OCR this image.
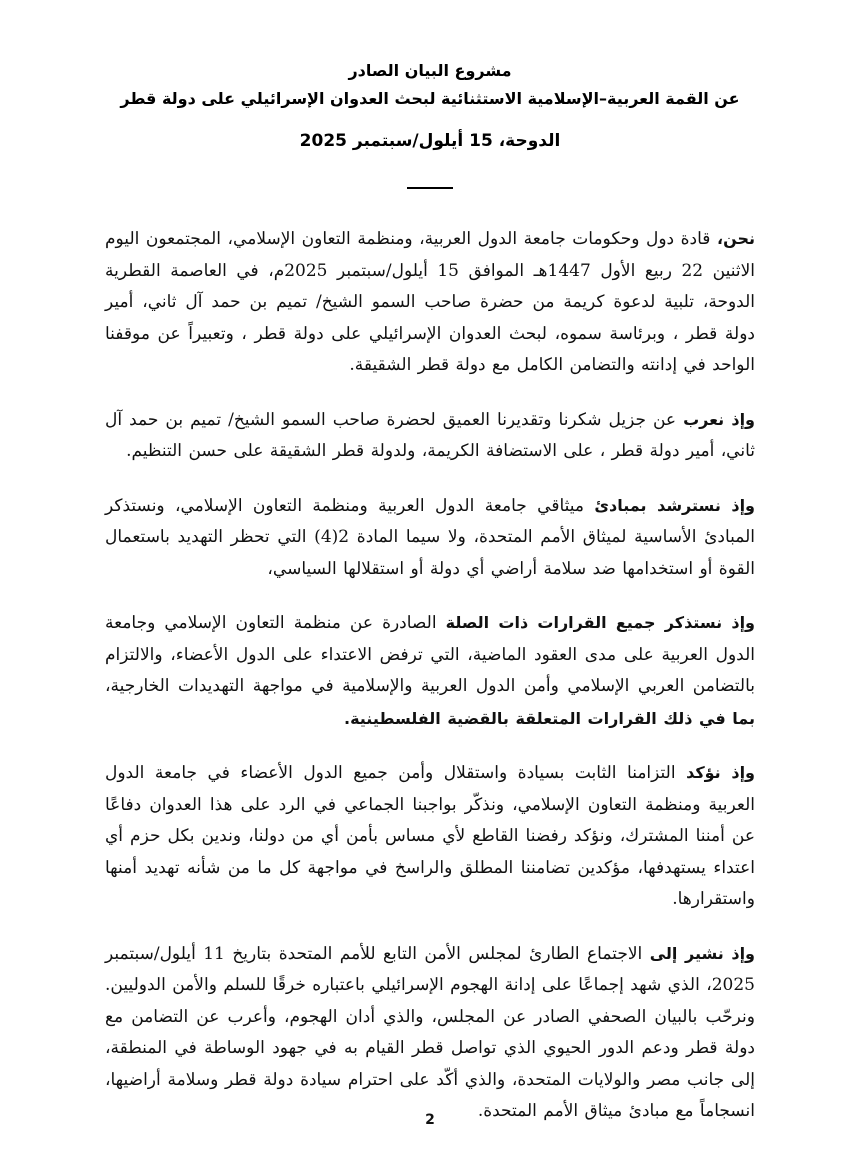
مشروع البيان الصادر

عن القمة العربية–الإسلامية الاستثنائية لبحث العدوان الإسرائيلي على دولة قطر

الدوحة، 15 أيلول/سبتمبر 2025

نحن، قادة دول وحكومات جامعة الدول العربية، ومنظمة التعاون الإسلامي، المجتمعون اليوم الاثنين 22 ربيع الأول 1447هـ الموافق 15 أيلول/سبتمبر 2025م، في العاصمة القطرية الدوحة، تلبية لدعوة كريمة من حضرة صاحب السمو الشيخ/ تميم بن حمد آل ثاني، أمير دولة قطر ، وبرئاسة سموه، لبحث العدوان الإسرائيلي على دولة قطر ، وتعبيراً عن موقفنا الواحد في إدانته والتضامن الكامل مع دولة قطر الشقيقة.

وإذ نعرب عن جزيل شكرنا وتقديرنا العميق لحضرة صاحب السمو الشيخ/ تميم بن حمد آل ثاني، أمير دولة قطر ، على الاستضافة الكريمة، ولدولة قطر الشقيقة على حسن التنظيم.

وإذ نسترشد بمبادئ ميثاقي جامعة الدول العربية ومنظمة التعاون الإسلامي، ونستذكر المبادئ الأساسية لميثاق الأمم المتحدة، ولا سيما المادة 2(4) التي تحظر التهديد باستعمال القوة أو استخدامها ضد سلامة أراضي أي دولة أو استقلالها السياسي،

وإذ نستذكر جميع القرارات ذات الصلة الصادرة عن منظمة التعاون الإسلامي وجامعة الدول العربية على مدى العقود الماضية، التي ترفض الاعتداء على الدول الأعضاء، والالتزام بالتضامن العربي الإسلامي وأمن الدول العربية والإسلامية في مواجهة التهديدات الخارجية، بما في ذلك القرارات المتعلقة بالقضية الفلسطينية.

وإذ نؤكد التزامنا الثابت بسيادة واستقلال وأمن جميع الدول الأعضاء في جامعة الدول العربية ومنظمة التعاون الإسلامي، ونذكّر بواجبنا الجماعي في الرد على هذا العدوان دفاعًا عن أمننا المشترك، ونؤكد رفضنا القاطع لأي مساس بأمن أي من دولنا، وندين بكل حزم أي اعتداء يستهدفها، مؤكدين تضامننا المطلق والراسخ في مواجهة كل ما من شأنه تهديد أمنها واستقرارها.

وإذ نشير إلى الاجتماع الطارئ لمجلس الأمن التابع للأمم المتحدة بتاريخ 11 أيلول/سبتمبر 2025، الذي شهد إجماعًا على إدانة الهجوم الإسرائيلي باعتباره خرقًا للسلم والأمن الدوليين. ونرحّب بالبيان الصحفي الصادر عن المجلس، والذي أدان الهجوم، وأعرب عن التضامن مع دولة قطر ودعم الدور الحيوي الذي تواصل قطر القيام به في جهود الوساطة في المنطقة، إلى جانب مصر والولايات المتحدة، والذي أكّد على احترام سيادة دولة قطر وسلامة أراضيها، انسجاماً مع مبادئ ميثاق الأمم المتحدة.

2
